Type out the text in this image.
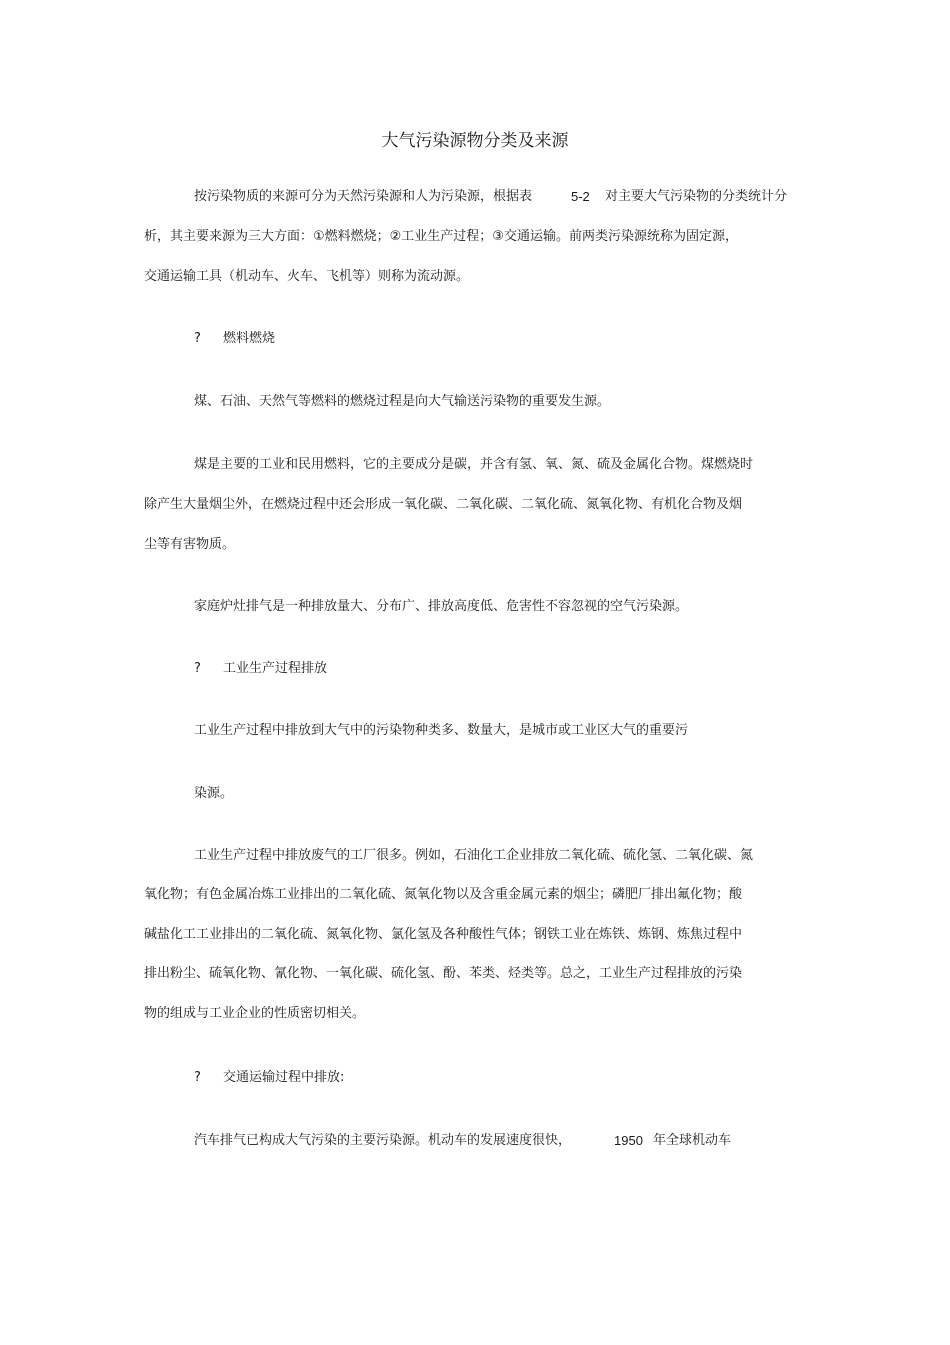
大气污染源物分类及来源
按污染物质的来源可分为天然污染源和人为污染源，根据表	5-2 对主要大气污染物的分类统计分
析，其主要来源为三大方面：①燃料燃烧；②工业生产过程；③交通运输。前两类污染源统称为固定源，
交通运输工具（机动车、火车、飞机等）则称为流动源。
? 燃料燃烧
煤、石油、天然气等燃料的燃烧过程是向大气输送污染物的重要发生源。
煤是主要的工业和民用燃料，它的主要成分是碳，并含有氢、氧、氮、硫及金属化合物。煤燃烧时
除产生大量烟尘外，在燃烧过程中还会形成一氧化碳、二氧化碳、二氧化硫、氮氧化物、有机化合物及烟
尘等有害物质。
家庭炉灶排气是一种排放量大、分布广、排放高度低、危害性不容忽视的空气污染源。
? 工业生产过程排放
工业生产过程中排放到大气中的污染物种类多、数量大，是城市或工业区大气的重要污
染源。
工业生产过程中排放废气的工厂很多。例如，石油化工企业排放二氧化硫、硫化氢、二氧化碳、氮
氧化物；有色金属冶炼工业排出的二氧化硫、氮氧化物以及含重金属元素的烟尘；磷肥厂排出氟化物；酸
碱盐化工工业排出的二氧化硫、氮氧化物、氯化氢及各种酸性气体；钢铁工业在炼铁、炼钢、炼焦过程中
排出粉尘、硫氧化物、氰化物、一氧化碳、硫化氢、酚、苯类、烃类等。总之，工业生产过程排放的污染
物的组成与工业企业的性质密切相关。
? 交通运输过程中排放:
汽车排气已构成大气污染的主要污染源。机动车的发展速度很快，	1950 年全球机动车
